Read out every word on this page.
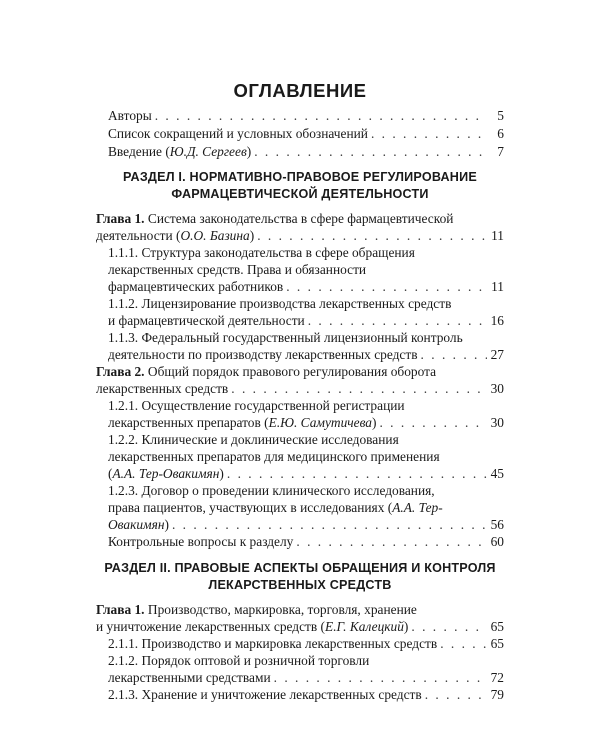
ОГЛАВЛЕНИЕ
Авторы . . .	5
Список сокращений и условных обозначений . . .	6
Введение (Ю.Д. Сергеев) . . .	7
РАЗДЕЛ I. НОРМАТИВНО-ПРАВОВОЕ РЕГУЛИРОВАНИЕ
ФАРМАЦЕВТИЧЕСКОЙ ДЕЯТЕЛЬНОСТИ
Глава 1. Система законодательства в сфере фармацевтической
деятельности (О.О. Базина) . . .	11
1.1.1. Структура законодательства в сфере обращения
лекарственных средств. Права и обязанности
фармацевтических работников . . .	11
1.1.2. Лицензирование производства лекарственных средств
и фармацевтической деятельности . . .	16
1.1.3. Федеральный государственный лицензионный контроль
деятельности по производству лекарственных средств . . .	27
Глава 2. Общий порядок правового регулирования оборота
лекарственных средств . . .	30
1.2.1. Осуществление государственной регистрации
лекарственных препаратов (Е.Ю. Самутичева) . . .	30
1.2.2. Клинические и доклинические исследования
лекарственных препаратов для медицинского применения
(А.А. Тер-Овакимян) . . .	45
1.2.3. Договор о проведении клинического исследования,
права пациентов, участвующих в исследованиях (А.А. Тер-
Овакимян) . . .	56
Контрольные вопросы к разделу . . .	60
РАЗДЕЛ II. ПРАВОВЫЕ АСПЕКТЫ ОБРАЩЕНИЯ И КОНТРОЛЯ
ЛЕКАРСТВЕННЫХ СРЕДСТВ
Глава 1. Производство, маркировка, торговля, хранение
и уничтожение лекарственных средств (Е.Г. Калецкий) . . .	65
2.1.1. Производство и маркировка лекарственных средств . . .	65
2.1.2. Порядок оптовой и розничной торговли
лекарственными средствами . . .	72
2.1.3. Хранение и уничтожение лекарственных средств . . .	79
